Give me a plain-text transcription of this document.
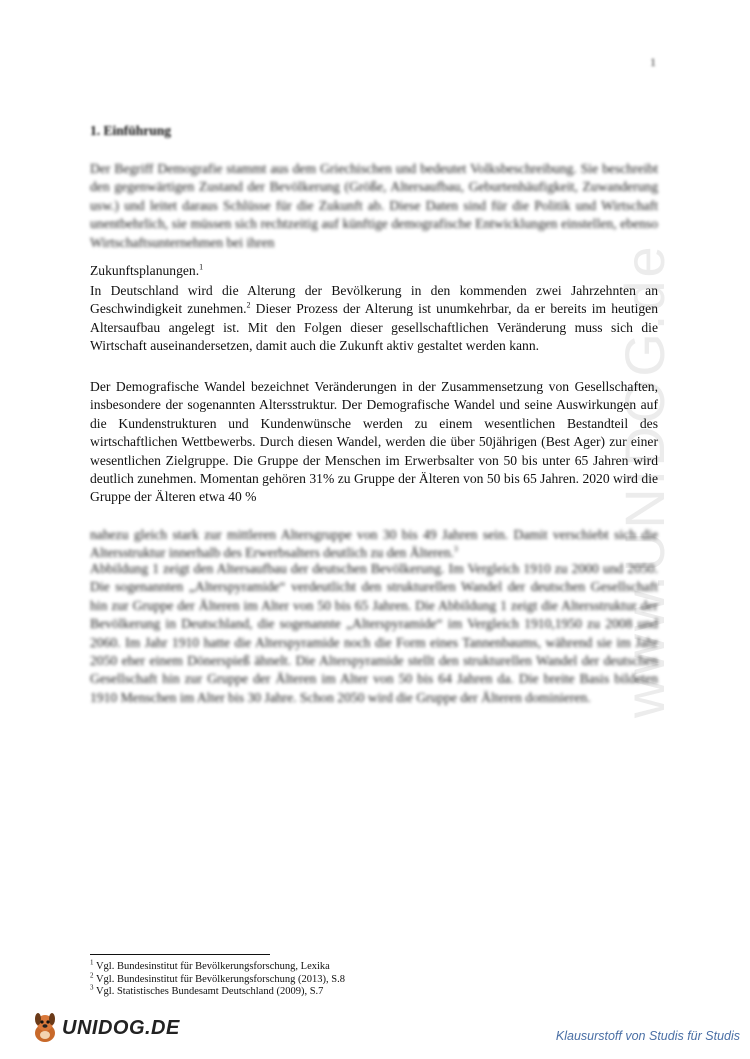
www.UNIDOG.de
1
1. Einführung

Der Begriff Demografie stammt aus dem Griechischen und bedeutet Volksbeschreibung. Sie beschreibt den gegenwärtigen Zustand der Bevölkerung (Größe, Altersaufbau, Geburtenhäufigkeit, Zuwanderung usw.) und leitet daraus Schlüsse für die Zukunft ab. Diese Daten sind für die Politik und Wirtschaft unentbehrlich, sie müssen sich rechtzeitig auf künftige demografische Entwicklungen einstellen, ebenso Wirtschaftsunternehmen bei ihren

Zukunftsplanungen.$^1$

In Deutschland wird die Alterung der Bevölkerung in den kommenden zwei Jahrzehnten an Geschwindigkeit zunehmen.$^2$ Dieser Prozess der Alterung ist unumkehrbar, da er bereits im heutigen Altersaufbau angelegt ist. Mit den Folgen dieser gesellschaftlichen Veränderung muss sich die Wirtschaft auseinandersetzen, damit auch die Zukunft aktiv gestaltet werden kann.

Der Demografische Wandel bezeichnet Veränderungen in der Zusammensetzung von Gesellschaften, insbesondere der sogenannten Altersstruktur. Der Demografische Wandel und seine Auswirkungen auf die Kundenstrukturen und Kundenwünsche werden zu einem wesentlichen Bestandteil des wirtschaftlichen Wettbewerbs. Durch diesen Wandel, werden die über 50jährigen (Best Ager) zur einer wesentlichen Zielgruppe. Die Gruppe der Menschen im Erwerbsalter von 50 bis unter 65 Jahren wird deutlich zunehmen. Momentan gehören 31% zu Gruppe der Älteren von 50 bis 65 Jahren. 2020 wird die Gruppe der Älteren etwa 40 %

nahezu gleich stark zur mittleren Altersgruppe von 30 bis 49 Jahren sein. Damit verschiebt sich die Altersstruktur innerhalb des Erwerbsalters deutlich zu den Älteren.$^3$

Abbildung 1 zeigt den Altersaufbau der deutschen Bevölkerung. Im Vergleich 1910 zu 2000 und 2050. Die sogenannten „Alterspyramide“ verdeutlicht den strukturellen Wandel der deutschen Gesellschaft hin zur Gruppe der Älteren im Alter von 50 bis 65 Jahren. Die Abbildung 1 zeigt die Altersstruktur der Bevölkerung in Deutschland, die sogenannte „Alterspyramide“ im Vergleich 1910,1950 zu 2008 und 2060. Im Jahr 1910 hatte die Alterspyramide noch die Form eines Tannenbaums, während sie im Jahr 2050 eher einem Dönerspieß ähnelt. Die Alterspyramide stellt den strukturellen Wandel der deutschen Gesellschaft hin zur Gruppe der Älteren im Alter von 50 bis 64 Jahren da. Die breite Basis bildeten 1910 Menschen im Alter bis 30 Jahre. Schon 2050 wird die Gruppe der Älteren dominieren.

$^1$ Vgl. Bundesinstitut für Bevölkerungsforschung, Lexika
$^2$ Vgl. Bundesinstitut für Bevölkerungsforschung (2013), S.8
$^3$ Vgl. Statistisches Bundesamt Deutschland (2009), S.7
UNIDOG.DE	Klausurstoff von Studis für Studis
